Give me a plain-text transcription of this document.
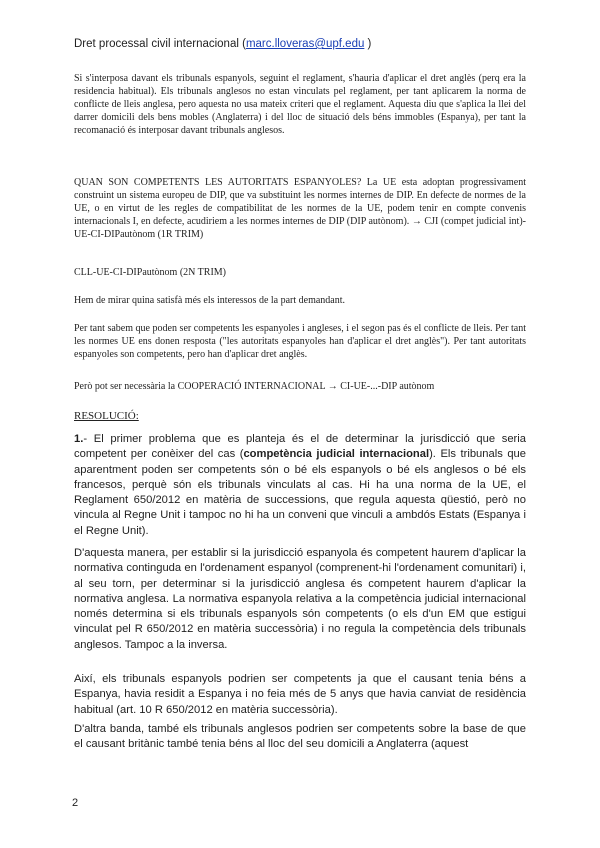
Dret processal civil internacional (marc.lloveras@upf.edu )

Si s'interposa davant els tribunals espanyols, seguint el reglament, s'hauria d'aplicar el dret anglès (perq era la residencia habitual). Els tribunals anglesos no estan vinculats pel reglament, per tant aplicarem la norma de conflicte de lleis anglesa, pero aquesta no usa mateix criteri que el reglament. Aquesta diu que s'aplica la llei del darrer domicili dels bens mobles (Anglaterra) i del lloc de situació dels béns immobles (Espanya), per tant la recomanació és interposar davant tribunals anglesos.

QUAN SON COMPETENTS LES AUTORITATS ESPANYOLES? La UE esta adoptan progressivament construint un sistema europeu de DIP, que va substituint les normes internes de DIP. En defecte de normes de la UE, o en virtut de les regles de compatibilitat de les normes de la UE, podem tenir en compte convenis internacionals I, en defecte, acudiriem a les normes internes de DIP (DIP autònom). → CJI (compet judicial int)-UE-CI-DIPautònom (1R TRIM)

CLL-UE-CI-DIPautònom (2N TRIM)

Hem de mirar quina satisfà més els interessos de la part demandant.

Per tant sabem que poden ser competents les espanyoles i angleses, i el segon pas és el conflicte de lleis. Per tant les normes UE ens donen resposta ("les autoritats espanyoles han d'aplicar el dret anglès"). Per tant autoritats espanyoles son competents, pero han d'aplicar dret anglès.

Però pot ser necessària la COOPERACIÓ INTERNACIONAL → CI-UE-...-DIP autònom

RESOLUCIÓ:

1.- El primer problema que es planteja és el de determinar la jurisdicció que seria competent per conèixer del cas (competència judicial internacional). Els tribunals que aparentment poden ser competents són o bé els espanyols o bé els anglesos o bé els francesos, perquè són els tribunals vinculats al cas. Hi ha una norma de la UE, el Reglament 650/2012 en matèria de successions, que regula aquesta qüestió, però no vincula al Regne Unit i tampoc no hi ha un conveni que vinculi a ambdós Estats (Espanya i el Regne Unit).

D'aquesta manera, per establir si la jurisdicció espanyola és competent haurem d'aplicar la normativa continguda en l'ordenament espanyol (comprenent-hi l'ordenament comunitari) i, al seu torn, per determinar si la jurisdicció anglesa és competent haurem d'aplicar la normativa anglesa. La normativa espanyola relativa a la competència judicial internacional només determina si els tribunals espanyols són competents (o els d'un EM que estigui vinculat pel R 650/2012 en matèria successòria) i no regula la competència dels tribunals anglesos. Tampoc a la inversa.

Així, els tribunals espanyols podrien ser competents ja que el causant tenia béns a Espanya, havia residit a Espanya i no feia més de 5 anys que havia canviat de residència habitual (art. 10 R 650/2012 en matèria successòria).

D'altra banda, també els tribunals anglesos podrien ser competents sobre la base de que el causant britànic també tenia béns al lloc del seu domicili a Anglaterra (aquest

2
